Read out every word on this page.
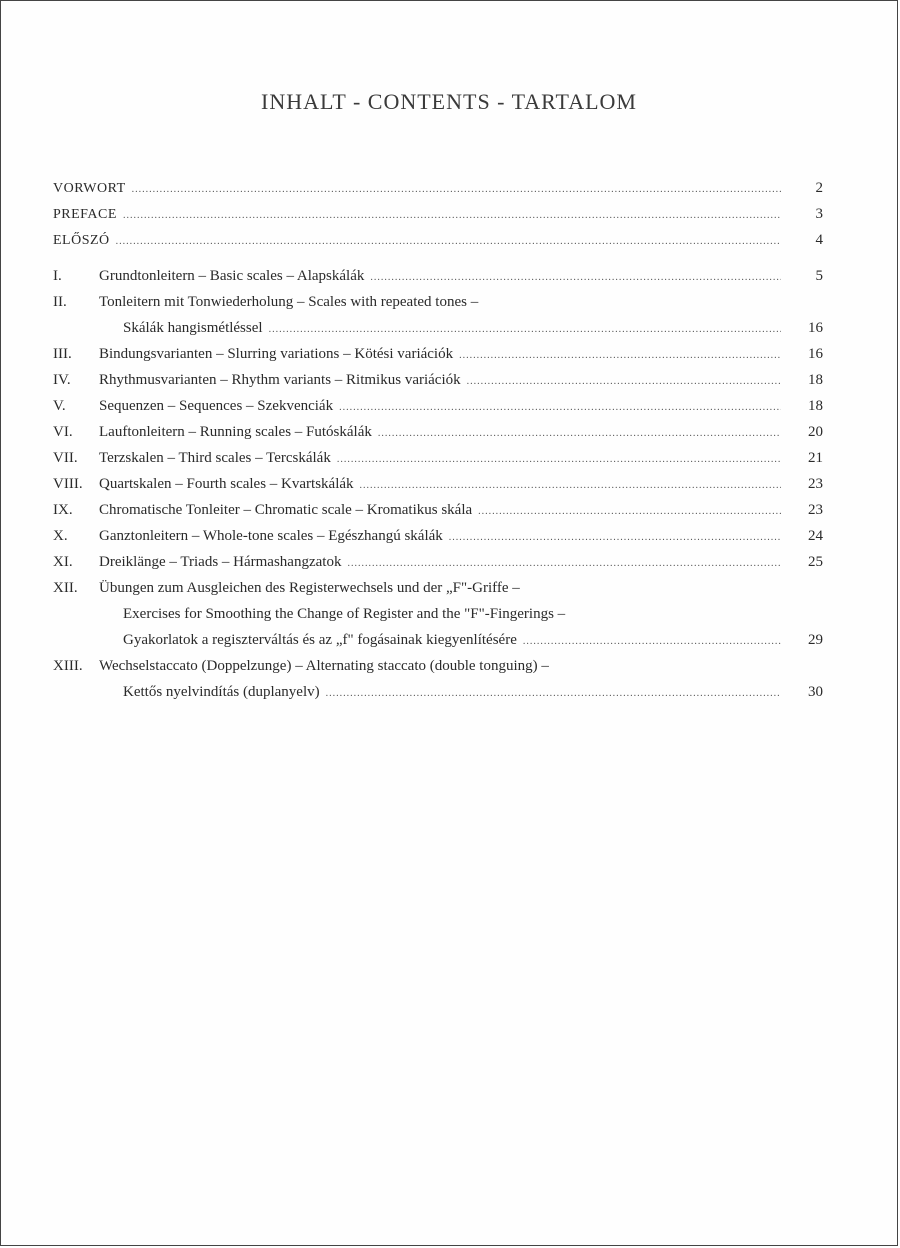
INHALT - CONTENTS - TARTALOM
VORWORT .....	2
PREFACE .....	3
ELŐSZÓ .....	4
I.	Grundtonleitern – Basic scales – Alapskálák .....	5
II.	Tonleitern mit Tonwiederholung – Scales with repeated tones –
Skálák hangismétléssel .....	16
III.	Bindungsvarianten – Slurring variations – Kötési variációk .....	16
IV.	Rhythmusvarianten – Rhythm variants – Ritmikus variációk .....	18
V.	Sequenzen – Sequences – Szekvenciák .....	18
VI.	Lauftonleitern – Running scales – Futóskálák .....	20
VII.	Terzskalen – Third scales – Tercskálák .....	21
VIII.	Quartskalen – Fourth scales – Kvartskálák .....	23
IX.	Chromatische Tonleiter – Chromatic scale – Kromatikus skála .....	23
X.	Ganztonleitern – Whole-tone scales – Egészhangú skálák .....	24
XI.	Dreiklänge – Triads – Hármashangzatok .....	25
XII.	Übungen zum Ausgleichen des Registerwechsels und der „F"-Griffe –
Exercises for Smoothing the Change of Register and the "F"-Fingerings –
Gyakorlatok a regiszterváltás és az „f" fogásainak kiegyenlítésére .....	29
XIII.	Wechselstaccato (Doppelzunge) – Alternating staccato (double tonguing) –
Kettős nyelvindítás (duplanyelv) .....	30
